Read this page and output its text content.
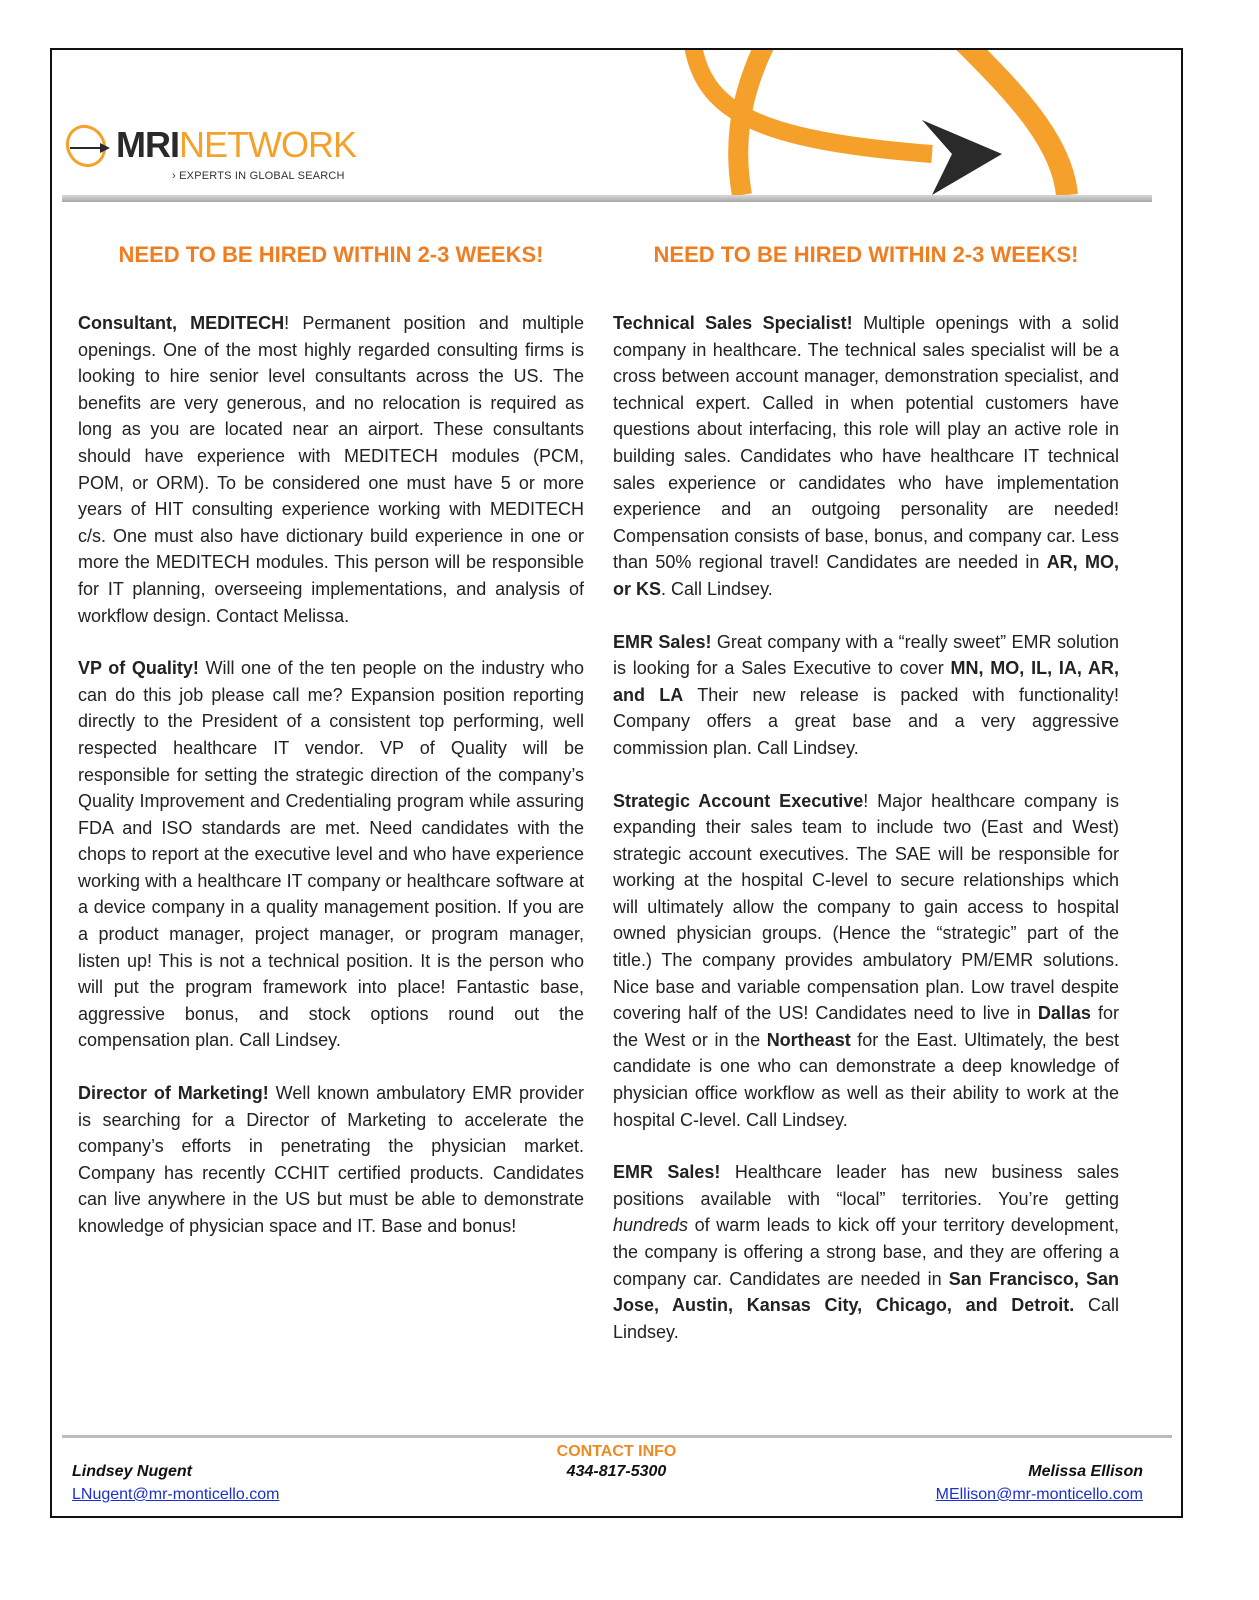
MRINETWORK
› EXPERTS IN GLOBAL SEARCH
NEED TO BE HIRED WITHIN 2-3 WEEKS!

Consultant, MEDITECH! Permanent position and multiple openings. One of the most highly regarded consulting firms is looking to hire senior level consultants across the US. The benefits are very generous, and no relocation is required as long as you are located near an airport. These consultants should have experience with MEDITECH modules (PCM, POM, or ORM). To be considered one must have 5 or more years of HIT consulting experience working with MEDITECH c/s. One must also have dictionary build experience in one or more the MEDITECH modules. This person will be responsible for IT planning, overseeing implementations, and analysis of workflow design. Contact Melissa.

VP of Quality! Will one of the ten people on the industry who can do this job please call me? Expansion position reporting directly to the President of a consistent top performing, well respected healthcare IT vendor. VP of Quality will be responsible for setting the strategic direction of the company’s Quality Improvement and Credentialing program while assuring FDA and ISO standards are met. Need candidates with the chops to report at the executive level and who have experience working with a healthcare IT company or healthcare software at a device company in a quality management position. If you are a product manager, project manager, or program manager, listen up! This is not a technical position. It is the person who will put the program framework into place! Fantastic base, aggressive bonus, and stock options round out the compensation plan. Call Lindsey.

Director of Marketing! Well known ambulatory EMR provider is searching for a Director of Marketing to accelerate the company’s efforts in penetrating the physician market. Company has recently CCHIT certified products. Candidates can live anywhere in the US but must be able to demonstrate knowledge of physician space and IT. Base and bonus!

NEED TO BE HIRED WITHIN 2-3 WEEKS!

Technical Sales Specialist! Multiple openings with a solid company in healthcare. The technical sales specialist will be a cross between account manager, demonstration specialist, and technical expert. Called in when potential customers have questions about interfacing, this role will play an active role in building sales. Candidates who have healthcare IT technical sales experience or candidates who have implementation experience and an outgoing personality are needed! Compensation consists of base, bonus, and company car. Less than 50% regional travel! Candidates are needed in AR, MO, or KS. Call Lindsey.

EMR Sales! Great company with a “really sweet” EMR solution is looking for a Sales Executive to cover MN, MO, IL, IA, AR, and LA Their new release is packed with functionality! Company offers a great base and a very aggressive commission plan. Call Lindsey.

Strategic Account Executive! Major healthcare company is expanding their sales team to include two (East and West) strategic account executives. The SAE will be responsible for working at the hospital C-level to secure relationships which will ultimately allow the company to gain access to hospital owned physician groups. (Hence the “strategic” part of the title.) The company provides ambulatory PM/EMR solutions. Nice base and variable compensation plan. Low travel despite covering half of the US! Candidates need to live in Dallas for the West or in the Northeast for the East. Ultimately, the best candidate is one who can demonstrate a deep knowledge of physician office workflow as well as their ability to work at the hospital C-level. Call Lindsey.

EMR Sales! Healthcare leader has new business sales positions available with “local” territories. You’re getting hundreds of warm leads to kick off your territory development, the company is offering a strong base, and they are offering a company car. Candidates are needed in San Francisco, San Jose, Austin, Kansas City, Chicago, and Detroit. Call Lindsey.

CONTACT INFO
434-817-5300
Lindsey Nugent
LNugent@mr-monticello.com
Melissa Ellison
MEllison@mr-monticello.com
